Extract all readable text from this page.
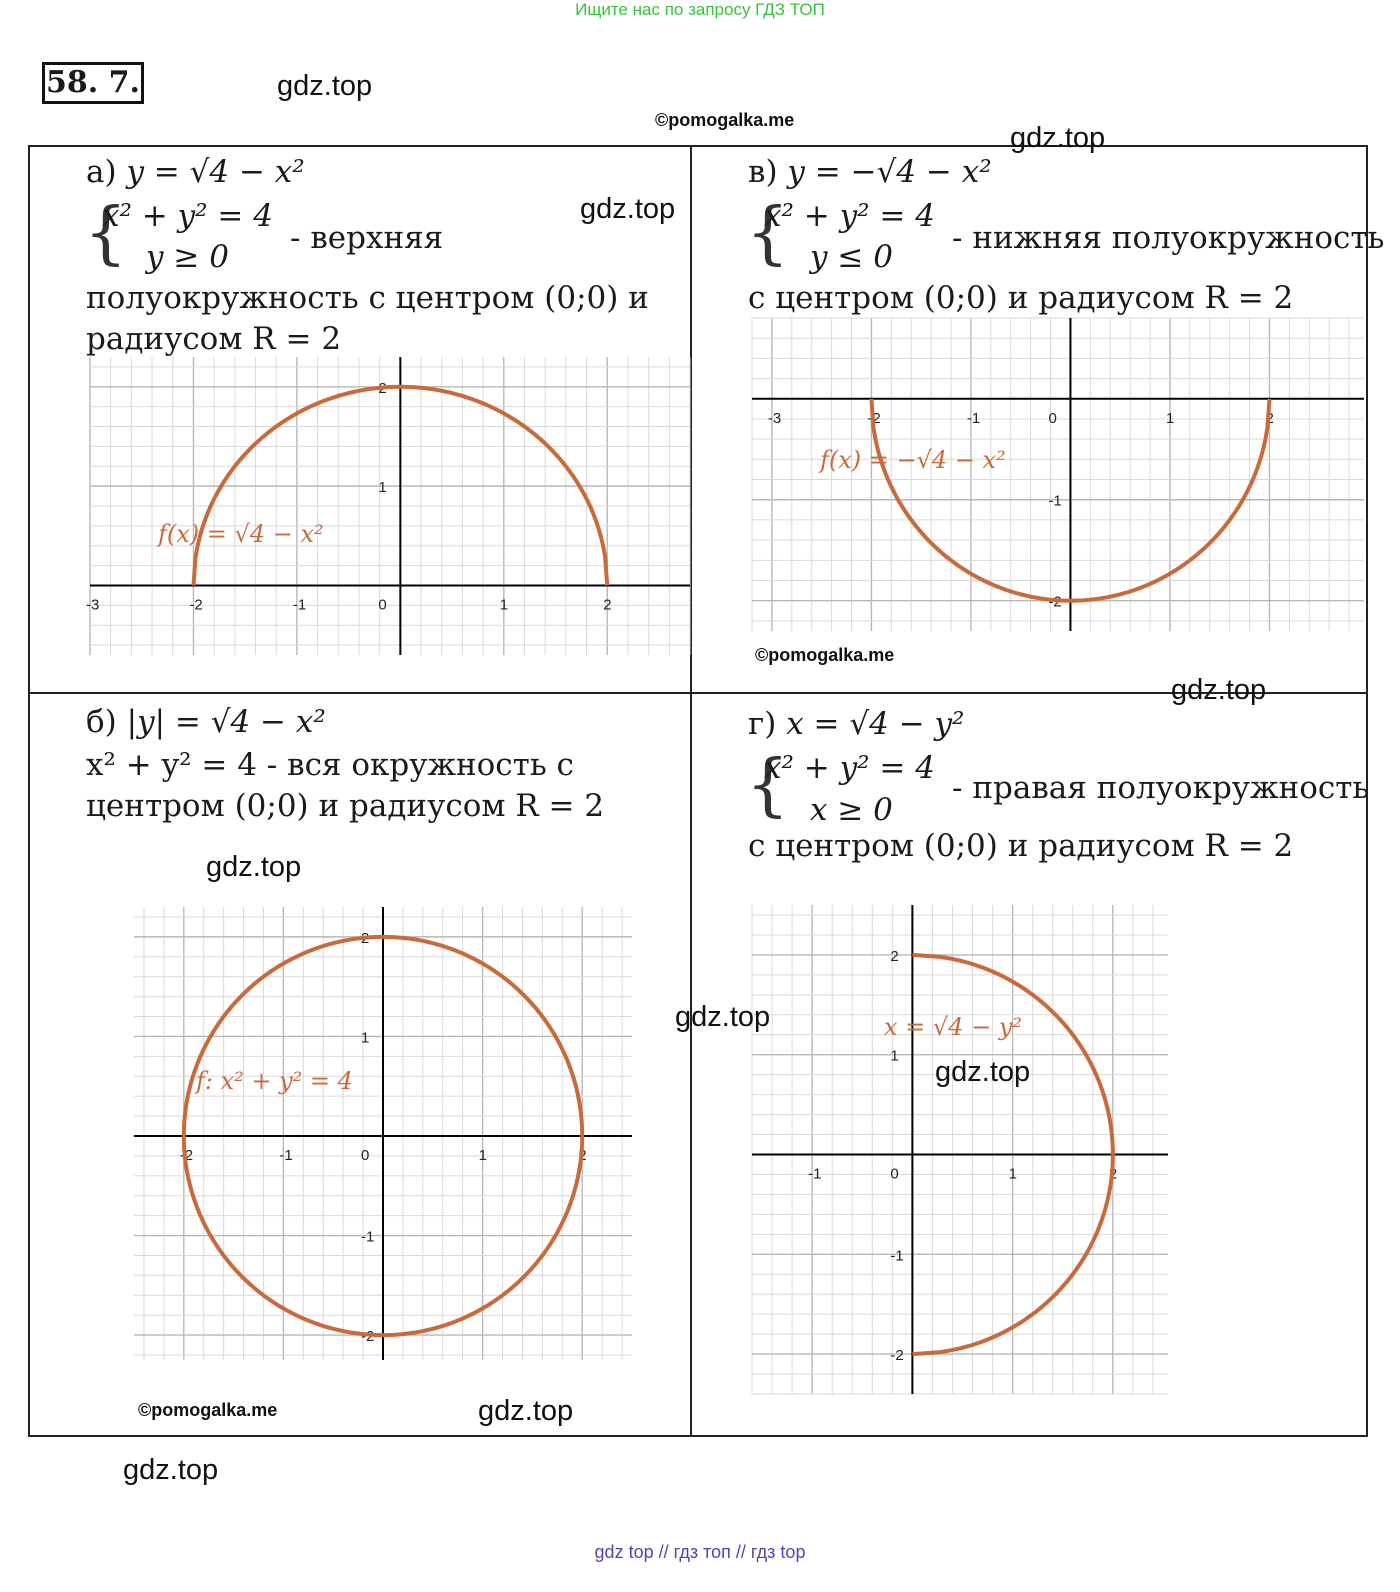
Ищите нас по запросу ГДЗ ТОП
58. 7.	gdz.top
©pomogalka.me
а) y = √4 − x²
{
x² + y² = 4
y ≥ 0
- верхняя
полуокружность с центром (0;0) и
радиусом R = 2
gdz.top
-3	-2	-1	0	1	2
1
2
f(x) = √4 − x²
в) y = −√4 − x²
gdz.top
{
x² + y² = 4
y ≤ 0
- нижняя полуокружность
с центром (0;0) и радиусом R = 2
-3	-2	-1	0	1	2
-1
-2
f(x) = −√4 − x²
©pomogalka.me
б) |y| = √4 − x²
x² + y² = 4 - вся окружность с
центром (0;0) и радиусом R = 2
gdz.top
-2	-1	0	1	2
2
1
-1
-2
f: x² + y² = 4
©pomogalka.me	gdz.top
gdz.top
г) x = √4 − y²
{
x² + y² = 4
x ≥ 0
- правая полуокружность
с центром (0;0) и радиусом R = 2
-1	0	1	2
2
1
-1
-2
x = √4 − y²
gdz.top
gdz.top
gdz.top
gdz top // гдз топ // гдз top
